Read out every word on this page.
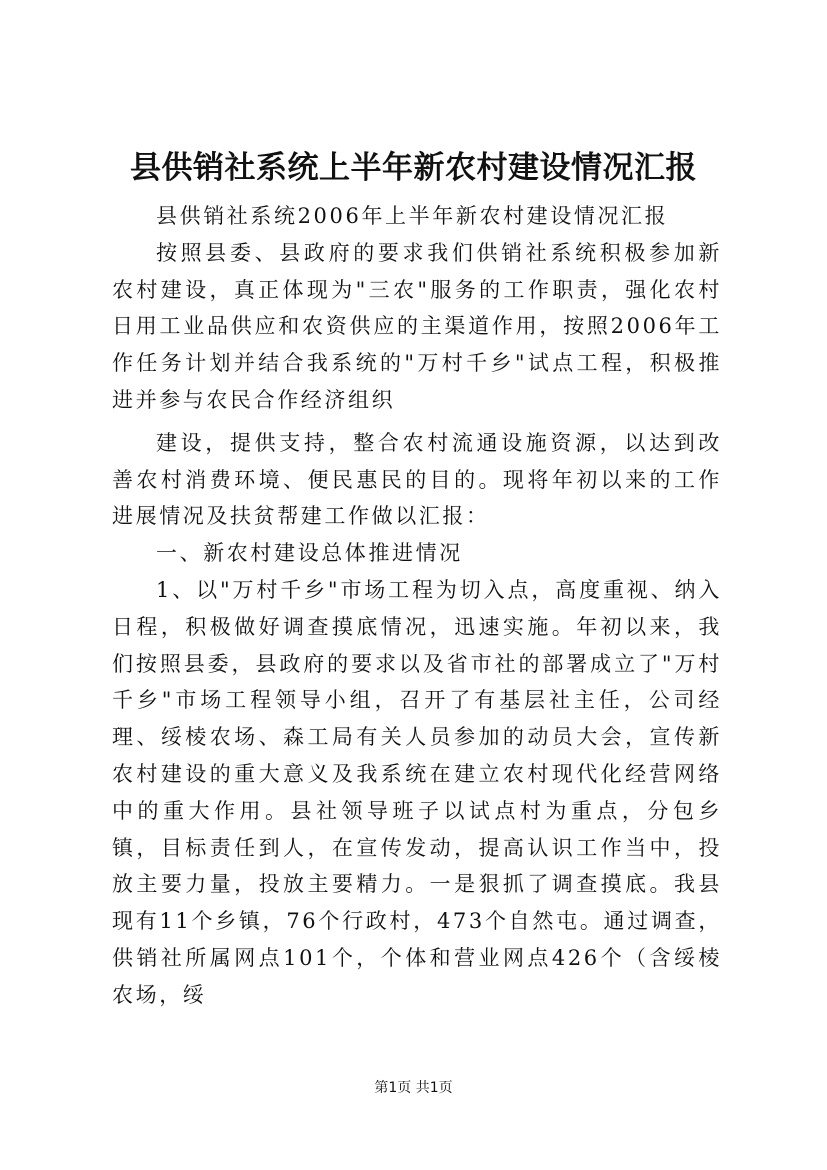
县供销社系统上半年新农村建设情况汇报

县供销社系统2006年上半年新农村建设情况汇报

按照县委、县政府的要求我们供销社系统积极参加新农村建设，真正体现为"三农"服务的工作职责，强化农村日用工业品供应和农资供应的主渠道作用，按照2006年工作任务计划并结合我系统的"万村千乡"试点工程，积极推进并参与农民合作经济组织

建设，提供支持，整合农村流通设施资源，以达到改善农村消费环境、便民惠民的目的。现将年初以来的工作进展情况及扶贫帮建工作做以汇报：

一、新农村建设总体推进情况

1、以"万村千乡"市场工程为切入点，高度重视、纳入日程，积极做好调查摸底情况，迅速实施。年初以来，我们按照县委，县政府的要求以及省市社的部署成立了"万村千乡"市场工程领导小组，召开了有基层社主任，公司经理、绥棱农场、森工局有关人员参加的动员大会，宣传新农村建设的重大意义及我系统在建立农村现代化经营网络中的重大作用。县社领导班子以试点村为重点，分包乡镇，目标责任到人，在宣传发动，提高认识工作当中，投放主要力量，投放主要精力。一是狠抓了调查摸底。我县现有11个乡镇，76个行政村，473个自然屯。通过调查，供销社所属网点101个，个体和营业网点426个（含绥棱农场，绥

第1页 共1页
